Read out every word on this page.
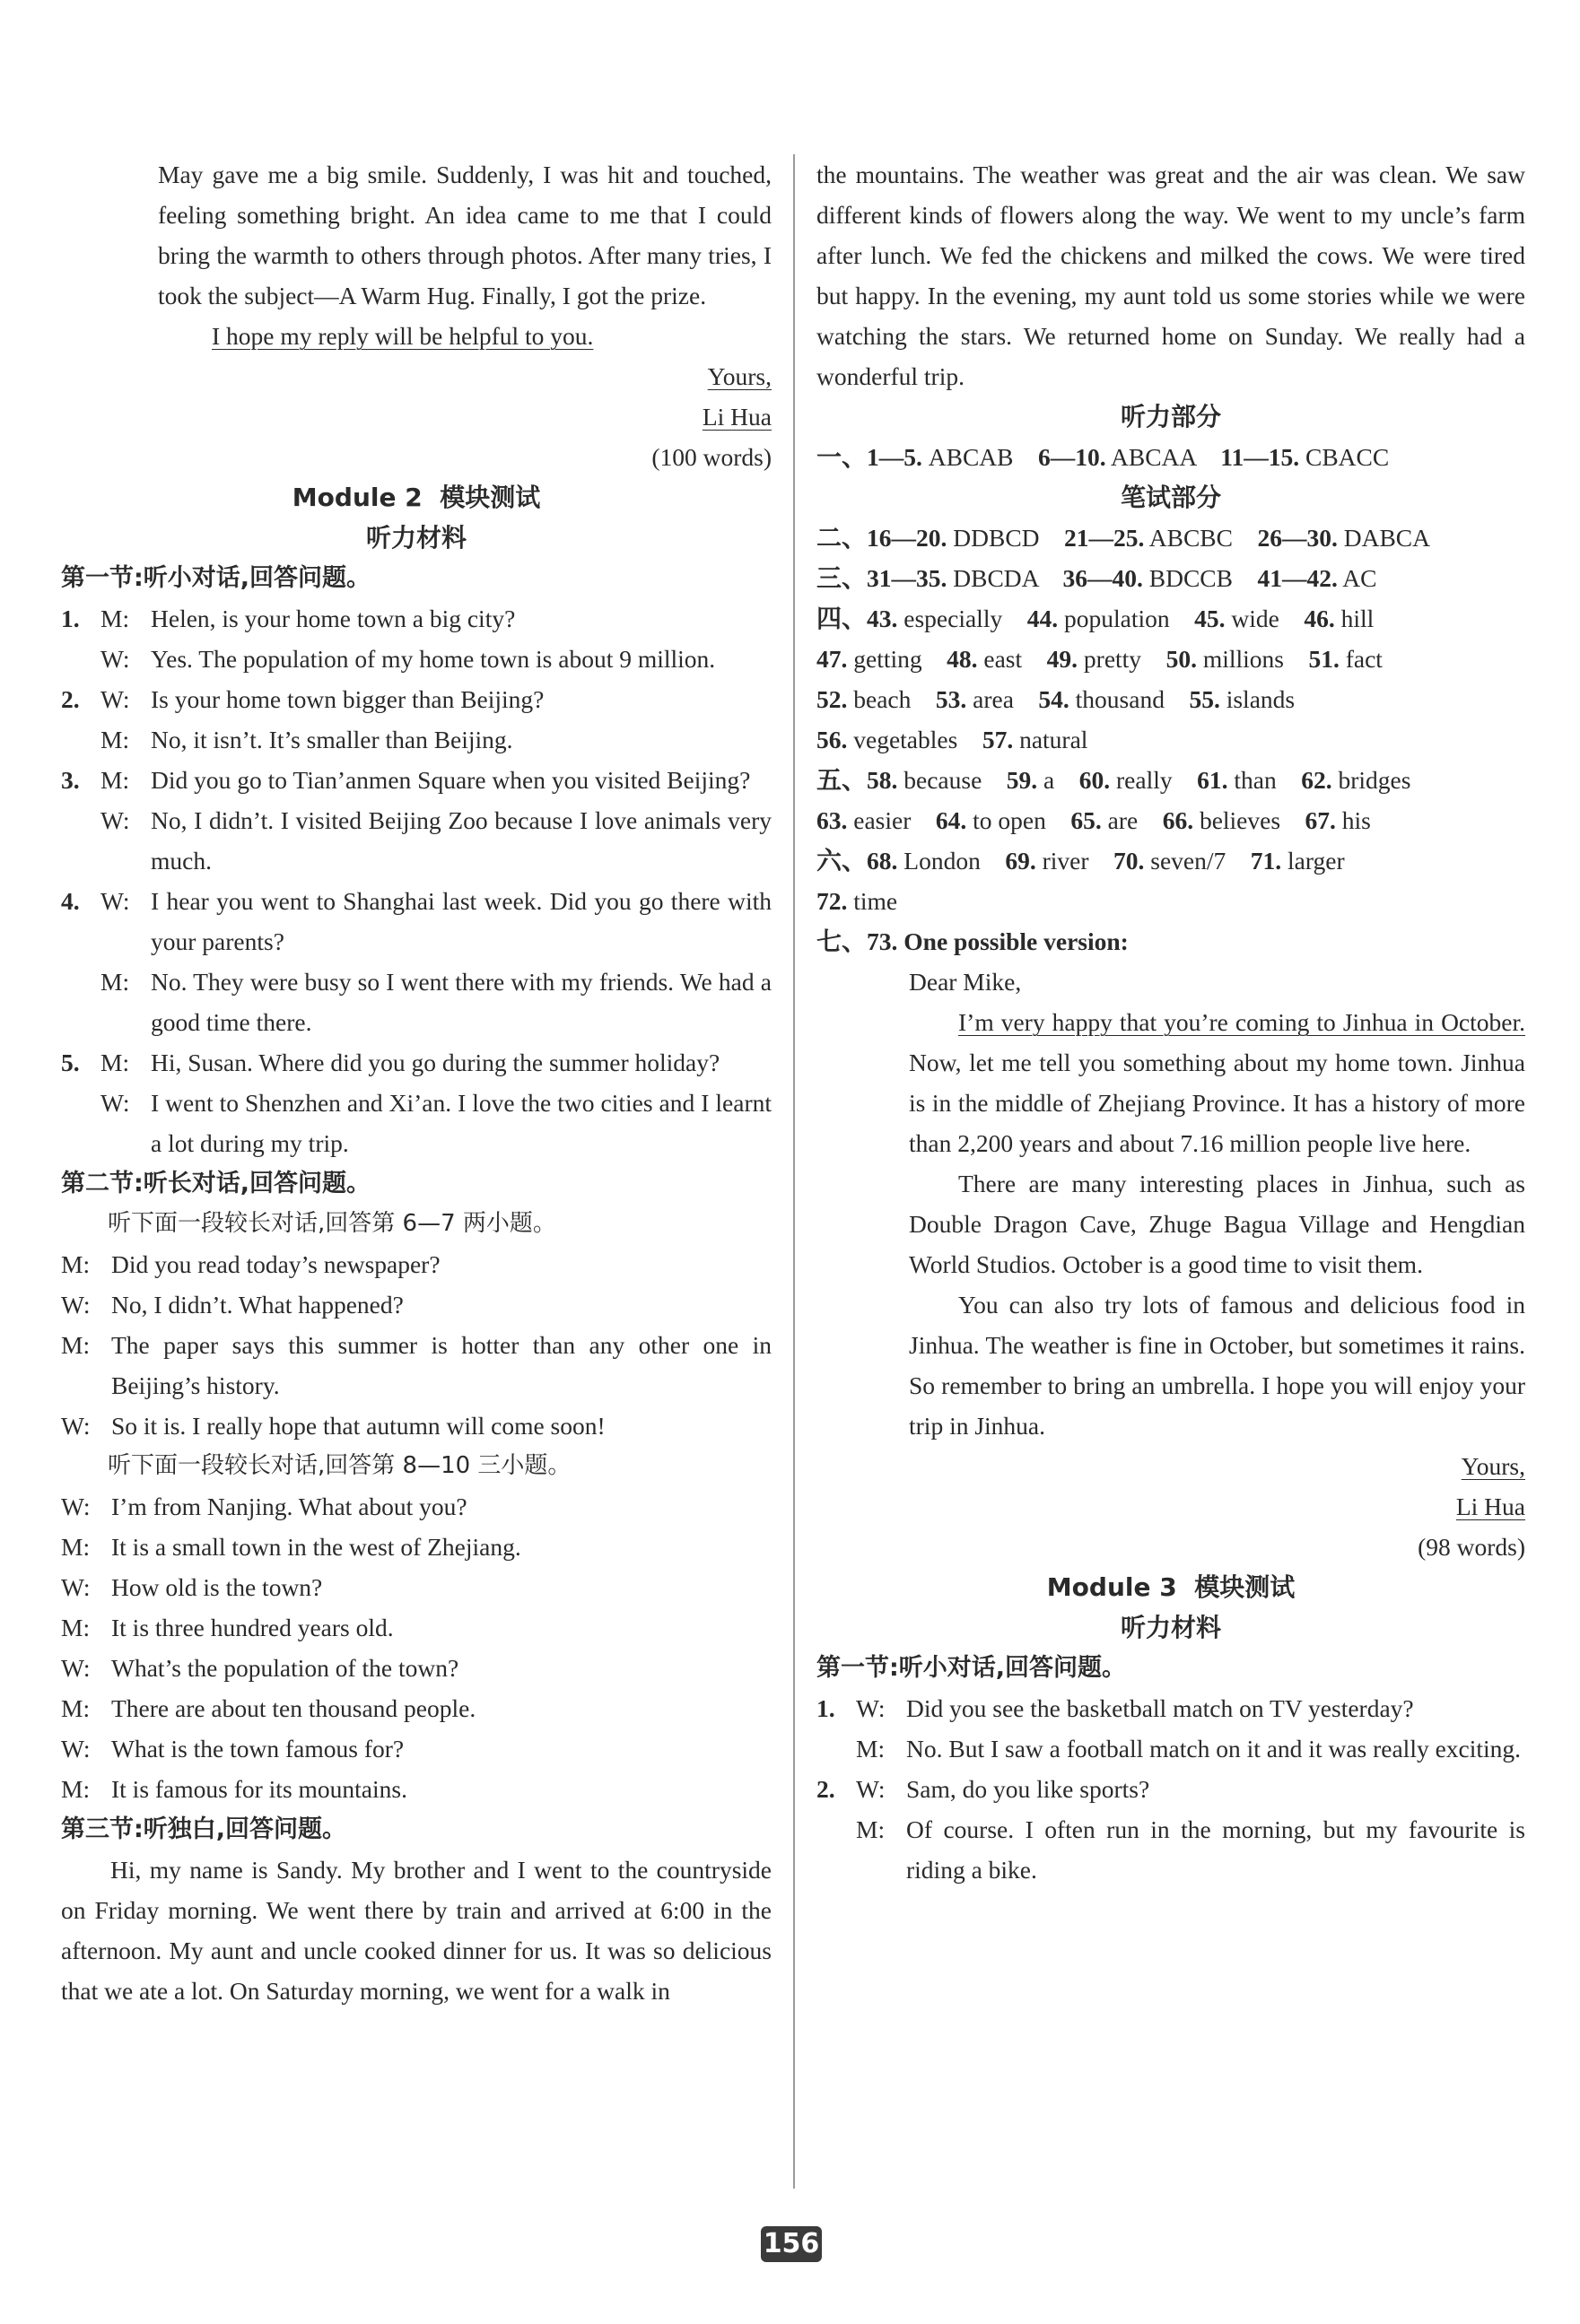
May gave me a big smile. Suddenly, I was hit and touched, feeling something bright. An idea came to me that I could bring the warmth to others through photos. After many tries, I took the subject—A Warm Hug. Finally, I got the prize.
I hope my reply will be helpful to you.
Yours,
Li Hua
(100 words)
Module 2  模块测试
听力材料
第一节:听小对话,回答问题。
1. M: Helen, is your home town a big city?
W: Yes. The population of my home town is about 9 million.
2. W: Is your home town bigger than Beijing?
M: No, it isn’t. It’s smaller than Beijing.
3. M: Did you go to Tian’anmen Square when you visited Beijing?
W: No, I didn’t. I visited Beijing Zoo because I love animals very much.
4. W: I hear you went to Shanghai last week. Did you go there with your parents?
M: No. They were busy so I went there with my friends. We had a good time there.
5. M: Hi, Susan. Where did you go during the summer holiday?
W: I went to Shenzhen and Xi’an. I love the two cities and I learnt a lot during my trip.
第二节:听长对话,回答问题。
听下面一段较长对话,回答第 6—7 两小题。
M: Did you read today’s newspaper?
W: No, I didn’t. What happened?
M: The paper says this summer is hotter than any other one in Beijing’s history.
W: So it is. I really hope that autumn will come soon!
听下面一段较长对话,回答第 8—10 三小题。
W: I’m from Nanjing. What about you?
M: It is a small town in the west of Zhejiang.
W: How old is the town?
M: It is three hundred years old.
W: What’s the population of the town?
M: There are about ten thousand people.
W: What is the town famous for?
M: It is famous for its mountains.
第三节:听独白,回答问题。
Hi, my name is Sandy. My brother and I went to the countryside on Friday morning. We went there by train and arrived at 6:00 in the afternoon. My aunt and uncle cooked dinner for us. It was so delicious that we ate a lot. On Saturday morning, we went for a walk in
the mountains. The weather was great and the air was clean. We saw different kinds of flowers along the way. We went to my uncle’s farm after lunch. We fed the chickens and milked the cows. We were tired but happy. In the evening, my aunt told us some stories while we were watching the stars. We returned home on Sunday. We really had a wonderful trip.
听力部分
一、1—5. ABCAB 6—10. ABCAA 11—15. CBACC
笔试部分
二、16—20. DDBCD 21—25. ABCBC 26—30. DABCA
三、31—35. DBCDA 36—40. BDCCB 41—42. AC
四、43. especially 44. population 45. wide 46. hill
47. getting 48. east 49. pretty 50. millions 51. fact
52. beach 53. area 54. thousand 55. islands
56. vegetables 57. natural
五、58. because 59. a 60. really 61. than 62. bridges
63. easier 64. to open 65. are 66. believes 67. his
六、68. London 69. river 70. seven/7 71. larger
72. time
七、73. One possible version:
Dear Mike,
I’m very happy that you’re coming to Jinhua in October. Now, let me tell you something about my home town. Jinhua is in the middle of Zhejiang Province. It has a history of more than 2,200 years and about 7.16 million people live here.
There are many interesting places in Jinhua, such as Double Dragon Cave, Zhuge Bagua Village and Hengdian World Studios. October is a good time to visit them.
You can also try lots of famous and delicious food in Jinhua. The weather is fine in October, but sometimes it rains. So remember to bring an umbrella. I hope you will enjoy your trip in Jinhua.
Yours,
Li Hua
(98 words)
Module 3  模块测试
听力材料
第一节:听小对话,回答问题。
1. W: Did you see the basketball match on TV yesterday?
M: No. But I saw a football match on it and it was really exciting.
2. W: Sam, do you like sports?
M: Of course. I often run in the morning, but my favourite is riding a bike.
156
